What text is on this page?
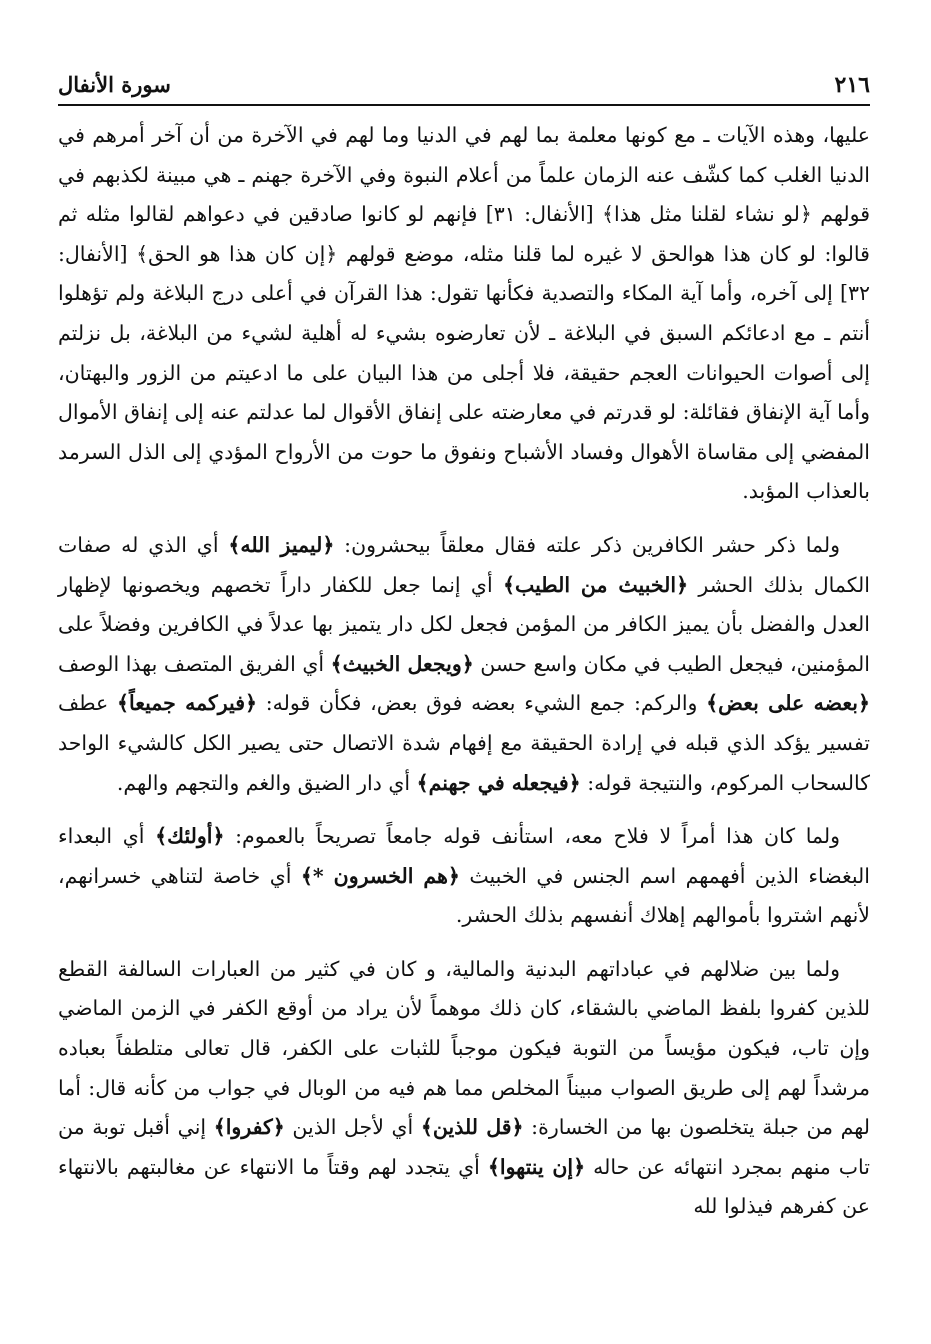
٢١٦
سورة الأنفال

عليها، وهذه الآيات ـ مع كونها معلمة بما لهم في الدنيا وما لهم في الآخرة من أن آخر أمرهم في الدنيا الغلب كما كشّف عنه الزمان علماً من أعلام النبوة وفي الآخرة جهنم ـ هي مبينة لكذبهم في قولهم ﴿لو نشاء لقلنا مثل هذا﴾ [الأنفال: ٣١] فإنهم لو كانوا صادقين في دعواهم لقالوا مثله ثم قالوا: لو كان هذا هوالحق لا غيره لما قلنا مثله، موضع قولهم ﴿إن كان هذا هو الحق﴾ [الأنفال: ٣٢] إلى آخره، وأما آية المكاء والتصدية فكأنها تقول: هذا القرآن في أعلى درج البلاغة ولم تؤهلوا أنتم ـ مع ادعائكم السبق في البلاغة ـ لأن تعارضوه بشيء له أهلية لشيء من البلاغة، بل نزلتم إلى أصوات الحيوانات العجم حقيقة، فلا أجلى من هذا البيان على ما ادعيتم من الزور والبهتان، وأما آية الإنفاق فقائلة: لو قدرتم في معارضته على إنفاق الأقوال لما عدلتم عنه إلى إنفاق الأموال المفضي إلى مقاساة الأهوال وفساد الأشباح ونفوق ما حوت من الأرواح المؤدي إلى الذل السرمد بالعذاب المؤبد.

ولما ذكر حشر الكافرين ذكر علته فقال معلقاً بيحشرون: ﴿ليميز الله﴾ أي الذي له صفات الكمال بذلك الحشر ﴿الخبيث من الطيب﴾ أي إنما جعل للكفار داراً تخصهم ويخصونها لإظهار العدل والفضل بأن يميز الكافر من المؤمن فجعل لكل دار يتميز بها عدلاً في الكافرين وفضلاً على المؤمنين، فيجعل الطيب في مكان واسع حسن ﴿ويجعل الخبيث﴾ أي الفريق المتصف بهذا الوصف ﴿بعضه على بعض﴾ والركم: جمع الشيء بعضه فوق بعض، فكأن قوله: ﴿فيركمه جميعاً﴾ عطف تفسير يؤكد الذي قبله في إرادة الحقيقة مع إفهام شدة الاتصال حتى يصير الكل كالشيء الواحد كالسحاب المركوم، والنتيجة قوله: ﴿فيجعله في جهنم﴾ أي دار الضيق والغم والتجهم والهم.

ولما كان هذا أمراً لا فلاح معه، استأنف قوله جامعاً تصريحاً بالعموم: ﴿أولئك﴾ أي البعداء البغضاء الذين أفهمهم اسم الجنس في الخبيث ﴿هم الخسرون *﴾ أي خاصة لتناهي خسرانهم، لأنهم اشتروا بأموالهم إهلاك أنفسهم بذلك الحشر.

ولما بين ضلالهم في عباداتهم البدنية والمالية، و كان في كثير من العبارات السالفة القطع للذين كفروا بلفظ الماضي بالشقاء، كان ذلك موهماً لأن يراد من أوقع الكفر في الزمن الماضي وإن تاب، فيكون مؤيساً من التوبة فيكون موجباً للثبات على الكفر، قال تعالى متلطفاً بعباده مرشداً لهم إلى طريق الصواب مبيناً المخلص مما هم فيه من الوبال في جواب من كأنه قال: أما لهم من جبلة يتخلصون بها من الخسارة: ﴿قل للذين﴾ أي لأجل الذين ﴿كفروا﴾ إني أقبل توبة من تاب منهم بمجرد انتهائه عن حاله ﴿إن ينتهوا﴾ أي يتجدد لهم وقتاً ما الانتهاء عن مغالبتهم بالانتهاء عن كفرهم فيذلوا لله
